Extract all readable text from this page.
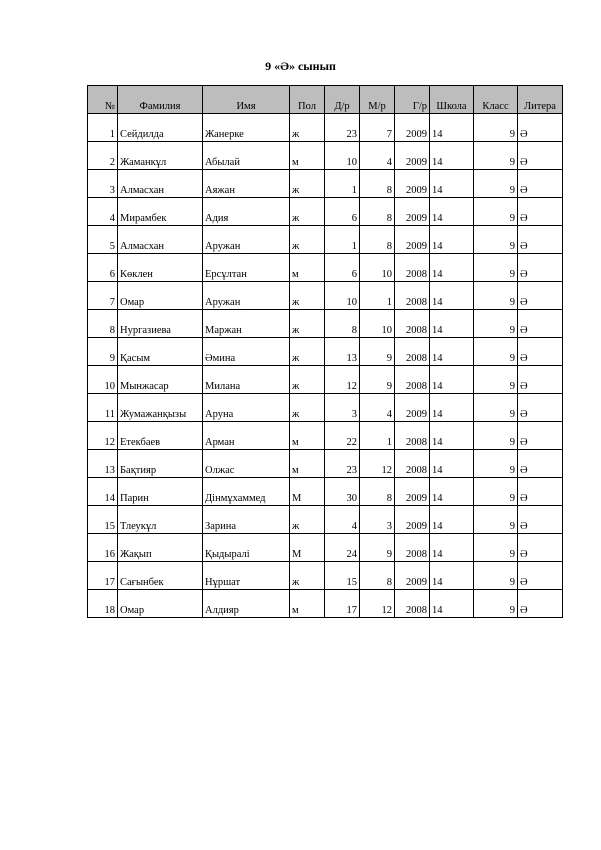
9 «Ә» сынып
№	Фамилия	Имя	Пол	Д/р	М/р	Г/р	Школа	Класс	Литера
1	Сейдилда	Жанерке	ж	23	7	2009	14	9	Ә
2	Жаманкұл	Абылай	м	10	4	2009	14	9	Ә
3	Алмасхан	Аяжан	ж	1	8	2009	14	9	Ә
4	Мирамбек	Адия	ж	6	8	2009	14	9	Ә
5	Алмасхан	Аружан	ж	1	8	2009	14	9	Ә
6	Көклен	Ерсұлтан	м	6	10	2008	14	9	Ә
7	Омар	Аружан	ж	10	1	2008	14	9	Ә
8	Нургазиева	Маржан	ж	8	10	2008	14	9	Ә
9	Қасым	Әмина	ж	13	9	2008	14	9	Ә
10	Мынжасар	Милана	ж	12	9	2008	14	9	Ә
11	Жумажанқызы	Аруна	ж	3	4	2009	14	9	Ә
12	Етекбаев	Арман	м	22	1	2008	14	9	Ә
13	Бақтияр	Олжас	м	23	12	2008	14	9	Ә
14	Парин	Дінмұхаммед	М	30	8	2009	14	9	Ә
15	Тлеукұл	Зарина	ж	4	3	2009	14	9	Ә
16	Жақып	Қыдыралі	М	24	9	2008	14	9	Ә
17	Сағынбек	Нұршат	ж	15	8	2009	14	9	Ә
18	Омар	Алдияр	м	17	12	2008	14	9	Ә
